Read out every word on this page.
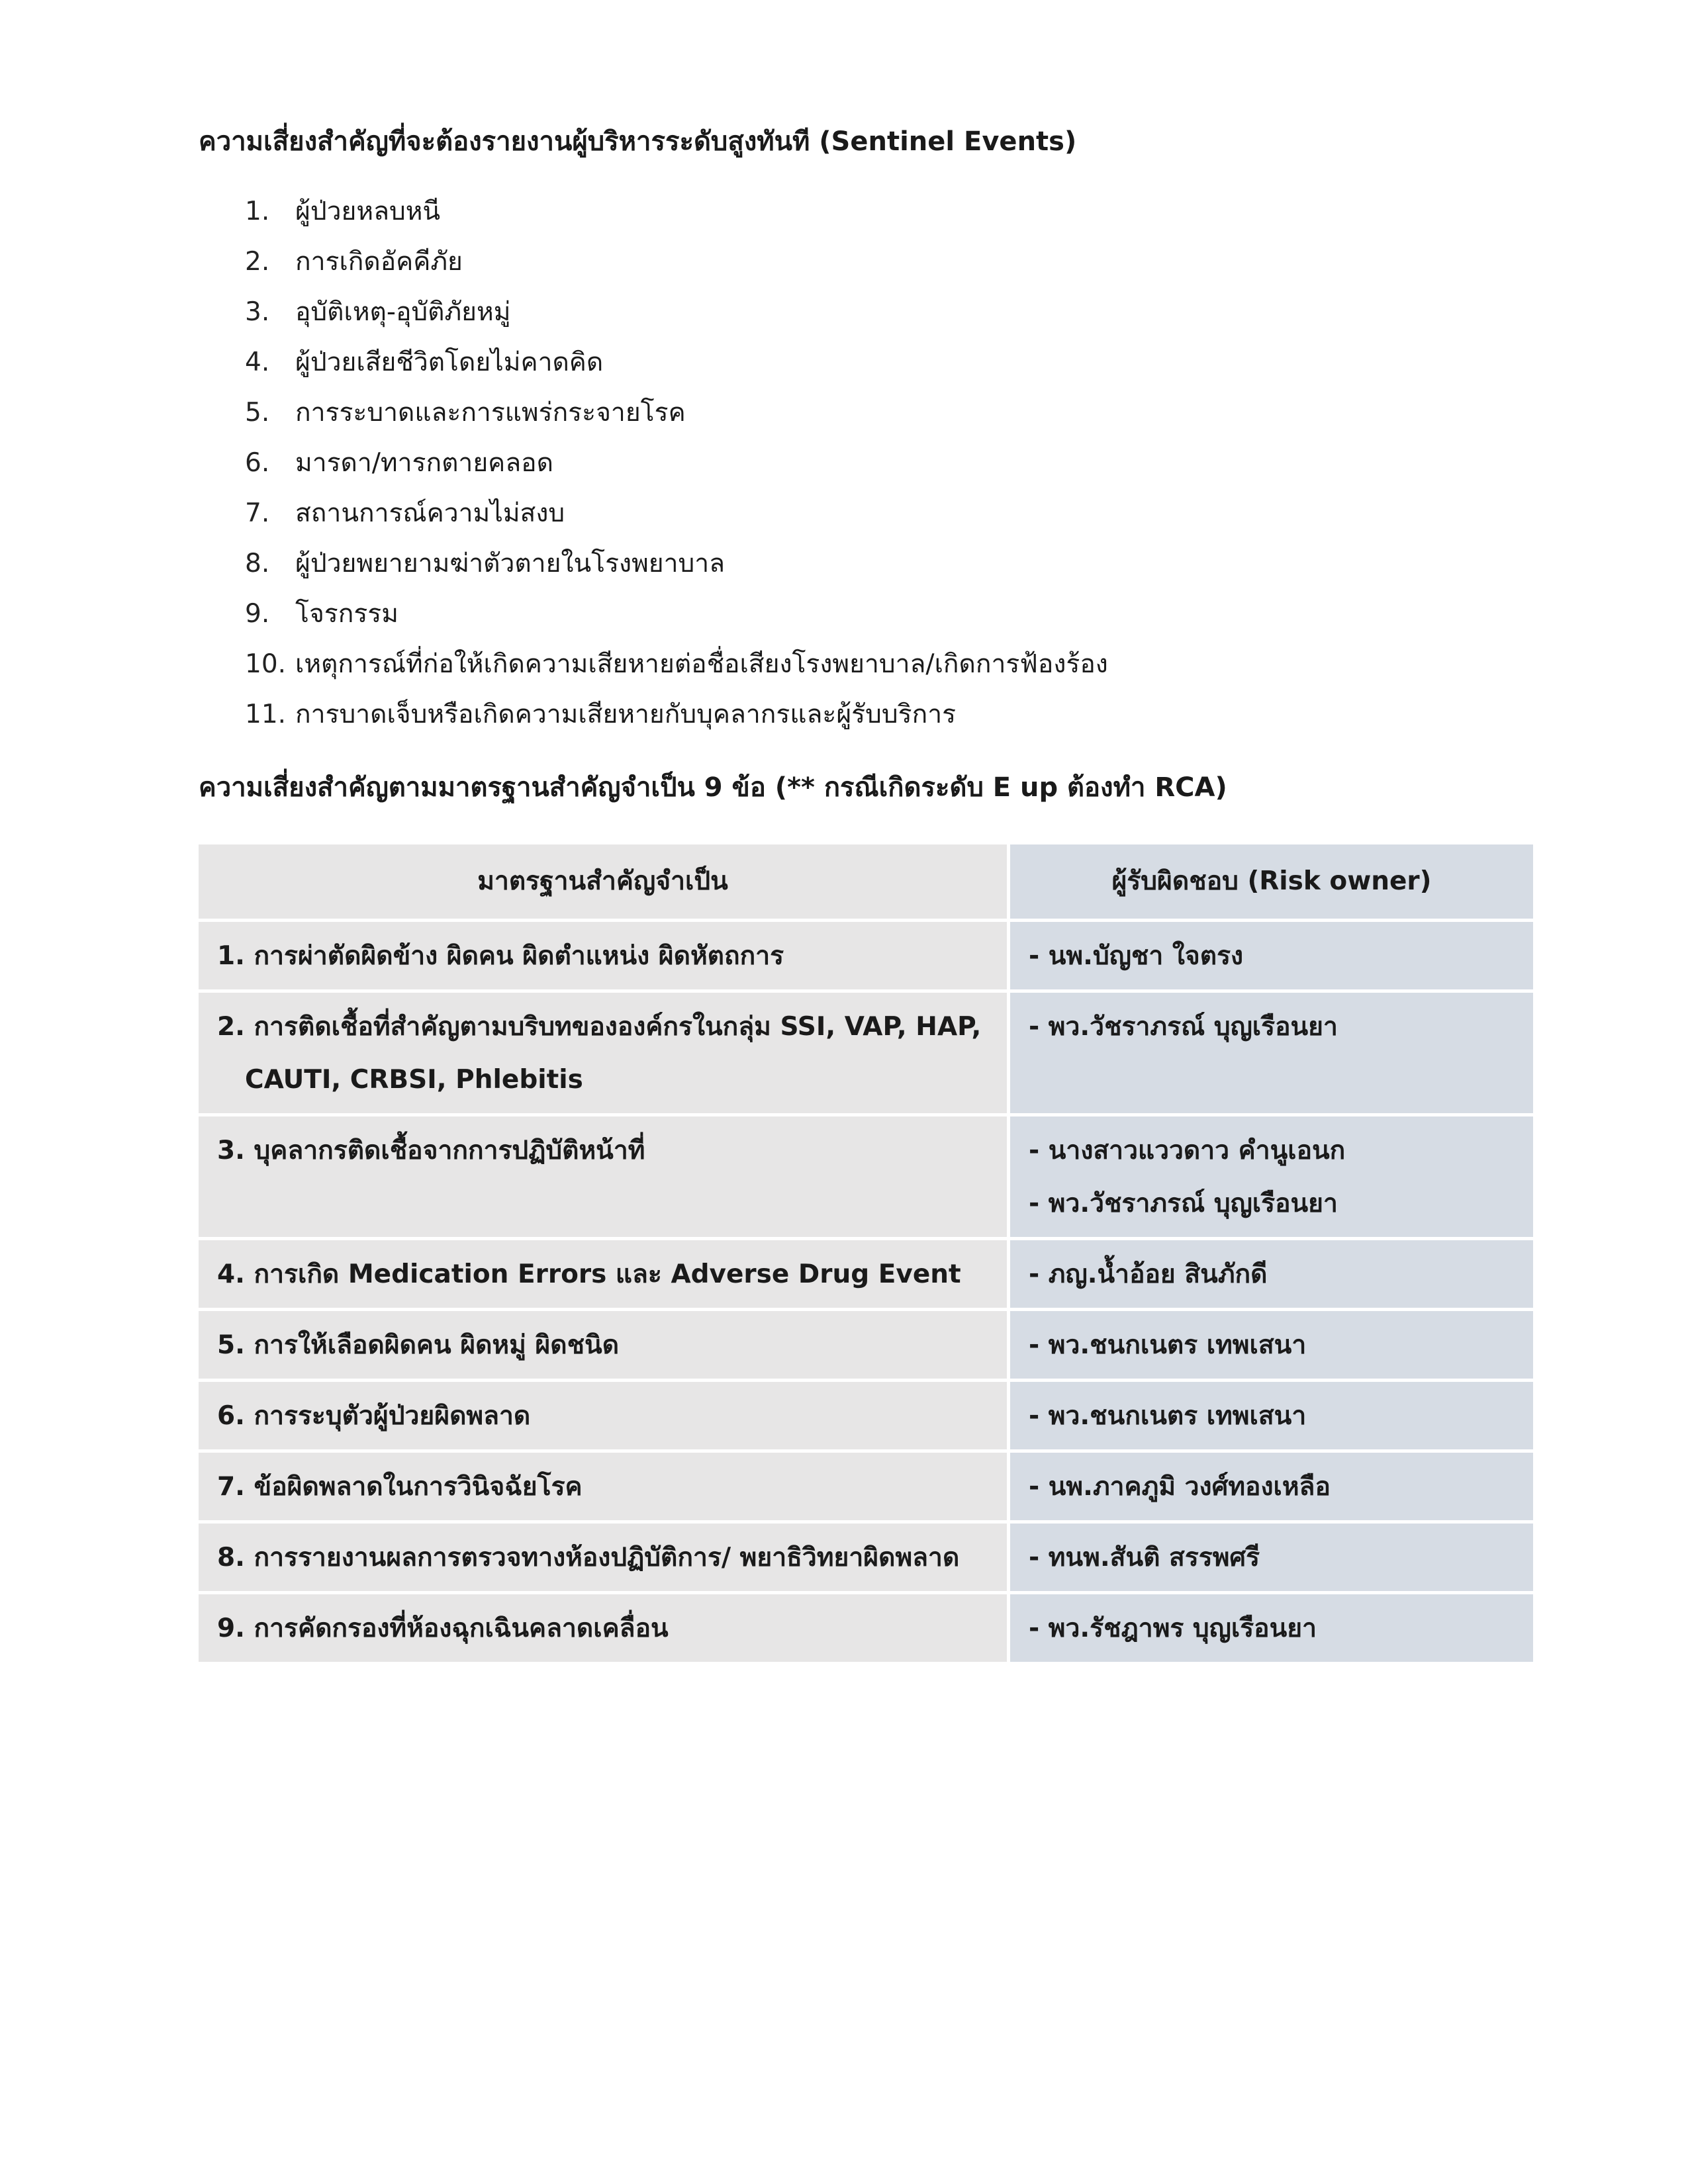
ความเสี่ยงสำคัญที่จะต้องรายงานผู้บริหารระดับสูงทันที (Sentinel Events)
1. ผู้ป่วยหลบหนี
2. การเกิดอัคคีภัย
3. อุบัติเหตุ-อุบัติภัยหมู่
4. ผู้ป่วยเสียชีวิตโดยไม่คาดคิด
5. การระบาดและการแพร่กระจายโรค
6. มารดา/ทารกตายคลอด
7. สถานการณ์ความไม่สงบ
8. ผู้ป่วยพยายามฆ่าตัวตายในโรงพยาบาล
9. โจรกรรม
10. เหตุการณ์ที่ก่อให้เกิดความเสียหายต่อชื่อเสียงโรงพยาบาล/เกิดการฟ้องร้อง
11. การบาดเจ็บหรือเกิดความเสียหายกับบุคลากรและผู้รับบริการ
ความเสี่ยงสำคัญตามมาตรฐานสำคัญจำเป็น 9 ข้อ (** กรณีเกิดระดับ E up ต้องทำ RCA)
มาตรฐานสำคัญจำเป็น	ผู้รับผิดชอบ (Risk owner)

1. การผ่าตัดผิดข้าง ผิดคน ผิดตำแหน่ง ผิดหัตถการ	- นพ.บัญชา ใจตรง

2. การติดเชื้อที่สำคัญตามบริบทขององค์กรในกลุ่ม SSI, VAP, HAP,
CAUTI, CRBSI, Phlebitis	- พว.วัชราภรณ์ บุญเรือนยา

3. บุคลากรติดเชื้อจากการปฏิบัติหน้าที่	- นางสาวแววดาว คำนูเอนก
- พว.วัชราภรณ์ บุญเรือนยา

4. การเกิด Medication Errors และ Adverse Drug Event	- ภญ.น้ำอ้อย สินภักดี

5. การให้เลือดผิดคน ผิดหมู่ ผิดชนิด	- พว.ชนกเนตร เทพเสนา

6. การระบุตัวผู้ป่วยผิดพลาด	- พว.ชนกเนตร เทพเสนา

7. ข้อผิดพลาดในการวินิจฉัยโรค	- นพ.ภาคภูมิ วงศ์ทองเหลือ

8. การรายงานผลการตรวจทางห้องปฏิบัติการ/ พยาธิวิทยาผิดพลาด	- ทนพ.สันติ สรรพศรี

9. การคัดกรองที่ห้องฉุกเฉินคลาดเคลื่อน	- พว.รัชฎาพร บุญเรือนยา
